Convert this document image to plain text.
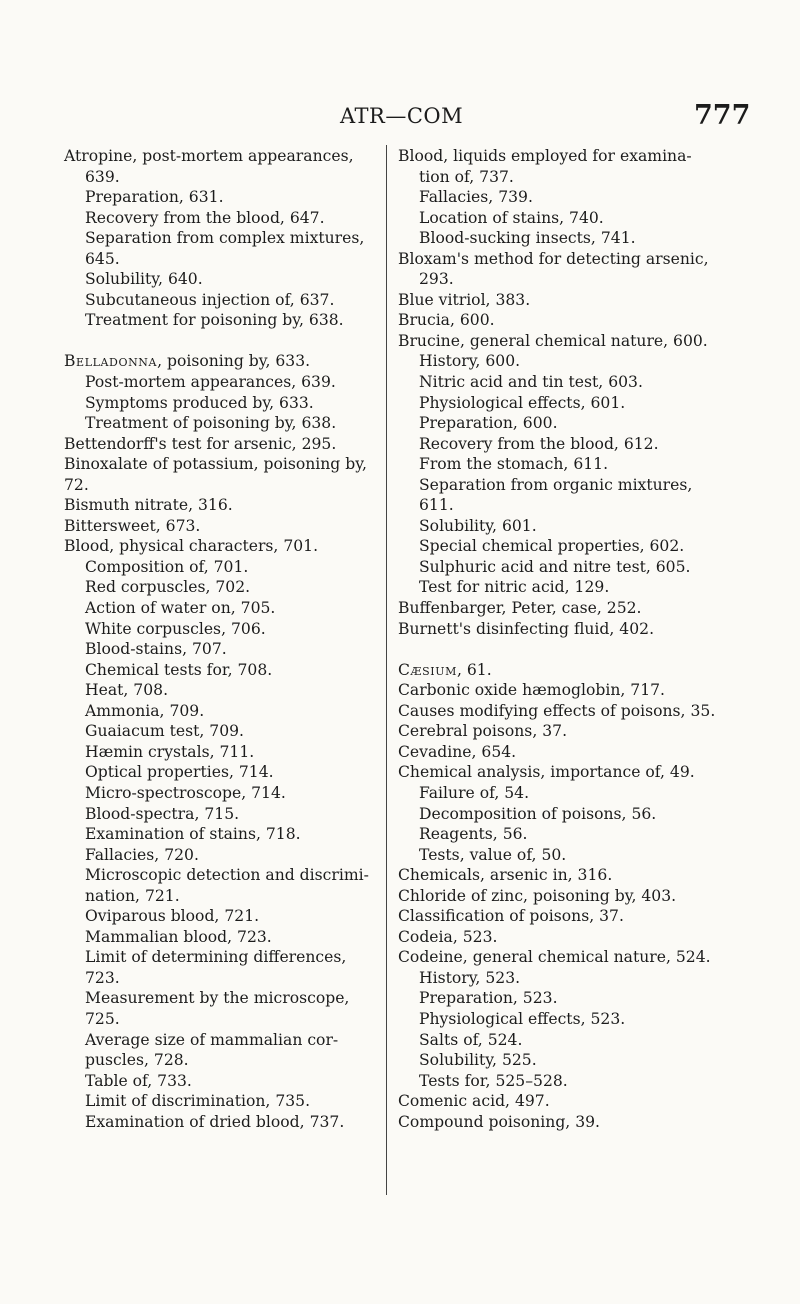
ATR—COM	777
Atropine, post-mortem appearances,
639.
Preparation, 631.
Recovery from the blood, 647.
Separation from complex mixtures,
645.
Solubility, 640.
Subcutaneous injection of, 637.
Treatment for poisoning by, 638.
Belladonna, poisoning by, 633.
Post-mortem appearances, 639.
Symptoms produced by, 633.
Treatment of poisoning by, 638.
Bettendorff's test for arsenic, 295.
Binoxalate of potassium, poisoning by,
72.
Bismuth nitrate, 316.
Bittersweet, 673.
Blood, physical characters, 701.
Composition of, 701.
Red corpuscles, 702.
Action of water on, 705.
White corpuscles, 706.
Blood-stains, 707.
Chemical tests for, 708.
Heat, 708.
Ammonia, 709.
Guaiacum test, 709.
Hæmin crystals, 711.
Optical properties, 714.
Micro-spectroscope, 714.
Blood-spectra, 715.
Examination of stains, 718.
Fallacies, 720.
Microscopic detection and discrimi-
nation, 721.
Oviparous blood, 721.
Mammalian blood, 723.
Limit of determining differences,
723.
Measurement by the microscope,
725.
Average size of mammalian cor-
puscles, 728.
Table of, 733.
Limit of discrimination, 735.
Examination of dried blood, 737.
Blood, liquids employed for examina-
tion of, 737.
Fallacies, 739.
Location of stains, 740.
Blood-sucking insects, 741.
Bloxam's method for detecting arsenic,
293.
Blue vitriol, 383.
Brucia, 600.
Brucine, general chemical nature, 600.
History, 600.
Nitric acid and tin test, 603.
Physiological effects, 601.
Preparation, 600.
Recovery from the blood, 612.
From the stomach, 611.
Separation from organic mixtures,
611.
Solubility, 601.
Special chemical properties, 602.
Sulphuric acid and nitre test, 605.
Test for nitric acid, 129.
Buffenbarger, Peter, case, 252.
Burnett's disinfecting fluid, 402.
Cæsium, 61.
Carbonic oxide hæmoglobin, 717.
Causes modifying effects of poisons, 35.
Cerebral poisons, 37.
Cevadine, 654.
Chemical analysis, importance of, 49.
Failure of, 54.
Decomposition of poisons, 56.
Reagents, 56.
Tests, value of, 50.
Chemicals, arsenic in, 316.
Chloride of zinc, poisoning by, 403.
Classification of poisons, 37.
Codeia, 523.
Codeine, general chemical nature, 524.
History, 523.
Preparation, 523.
Physiological effects, 523.
Salts of, 524.
Solubility, 525.
Tests for, 525–528.
Comenic acid, 497.
Compound poisoning, 39.
